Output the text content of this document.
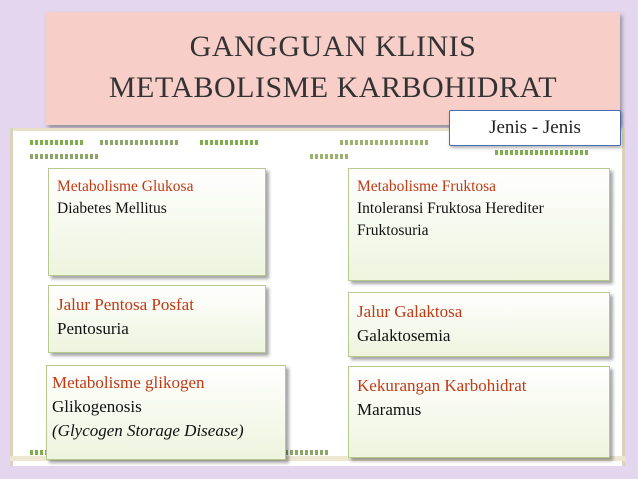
GANGGUAN KLINIS
METABOLISME KARBOHIDRAT
Jenis - Jenis
Metabolisme Glukosa
Diabetes Mellitus
Metabolisme Fruktosa
Intoleransi Fruktosa Herediter
Fruktosuria
Jalur Pentosa Posfat
Pentosuria
Jalur Galaktosa
Galaktosemia
Metabolisme glikogen
Glikogenosis
(Glycogen Storage Disease)
Kekurangan Karbohidrat
Maramus
